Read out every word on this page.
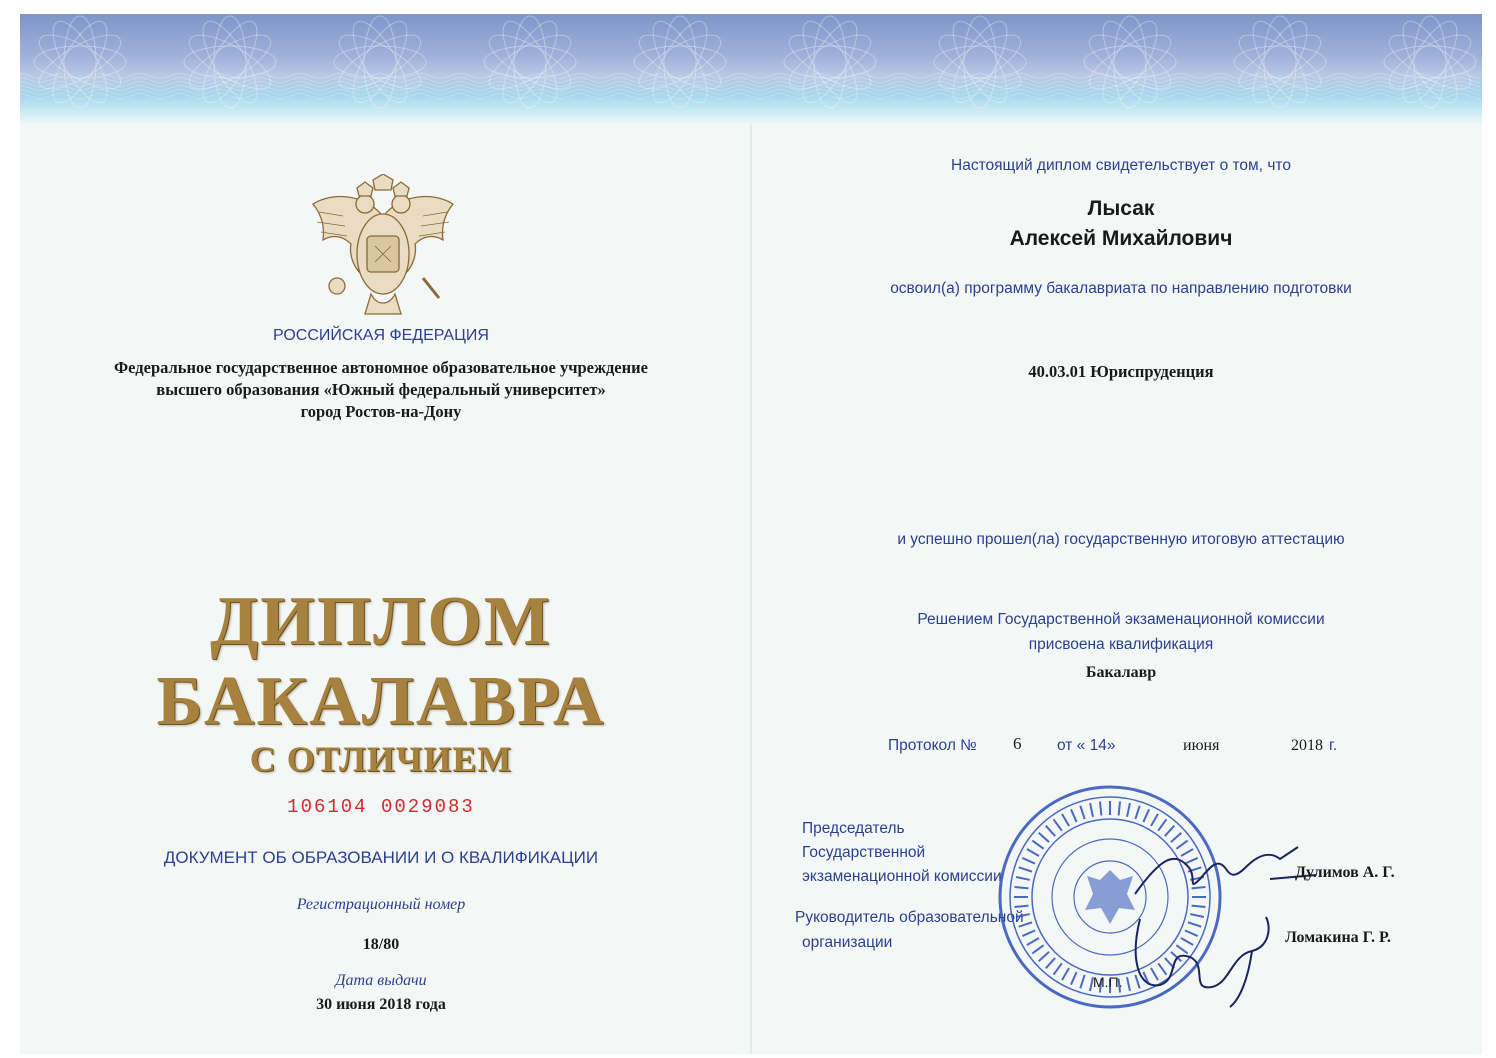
РОССИЙСКАЯ ФЕДЕРАЦИЯ

Федеральное государственное автономное образовательное учреждение

высшего образования «Южный федеральный университет»

город Ростов-на-Дону

ДИПЛОМ

БАКАЛАВРА

С ОТЛИЧИЕМ

106104 0029083

ДОКУМЕНТ ОБ ОБРАЗОВАНИИ И О КВАЛИФИКАЦИИ

Регистрационный номер

18/80

Дата выдачи

30 июня 2018 года

Настоящий диплом свидетельствует о том, что

Лысак

Алексей Михайлович

освоил(а) программу бакалавриата по направлению подготовки

40.03.01 Юриспруденция

и успешно прошел(ла) государственную итоговую аттестацию

Решением Государственной экзаменационной комиссии

присвоена квалификация

Бакалавр

Протокол № 6 от « 14»	июня	2018 г.

Председатель

Государственной

экзаменационной комиссии

Руководитель образовательной

организации

М.П.

Дулимов А. Г.

Ломакина Г. Р.
